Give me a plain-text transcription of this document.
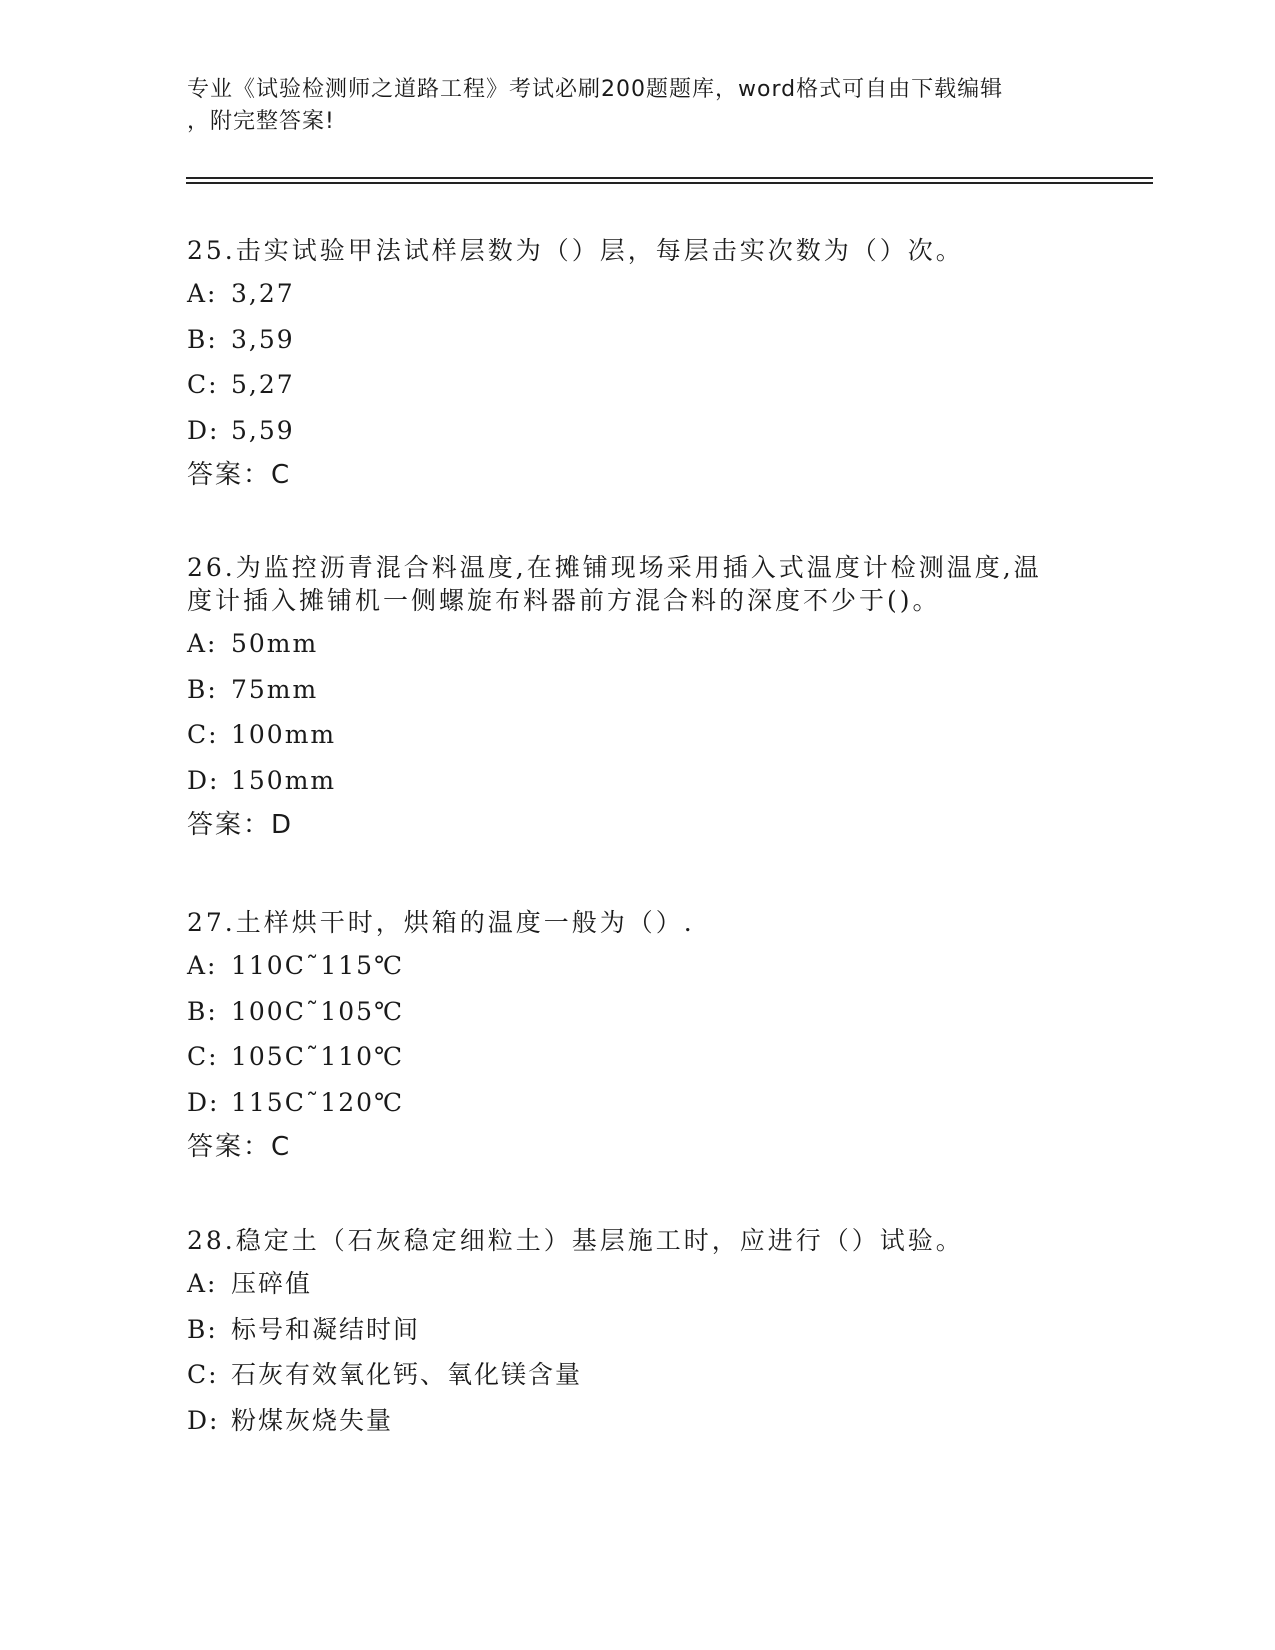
专业《试验检测师之道路工程》考试必刷200题题库，word格式可自由下载编辑
，附完整答案!
25.击实试验甲法试样层数为（）层，每层击实次数为（）次。
A: 3,27
B: 3,59
C: 5,27
D: 5,59
答案：C
26.为监控沥青混合料温度,在摊铺现场采用插入式温度计检测温度,温
度计插入摊铺机一侧螺旋布料器前方混合料的深度不少于()。
A: 50mm
B: 75mm
C: 100mm
D: 150mm
答案：D
27.土样烘干时，烘箱的温度一般为（）.
A: 110C˜115℃
B: 100C˜105℃
C: 105C˜110℃
D: 115C˜120℃
答案：C
28.稳定土（石灰稳定细粒土）基层施工时，应进行（）试验。
A: 压碎值
B: 标号和凝结时间
C: 石灰有效氧化钙、氧化镁含量
D: 粉煤灰烧失量
